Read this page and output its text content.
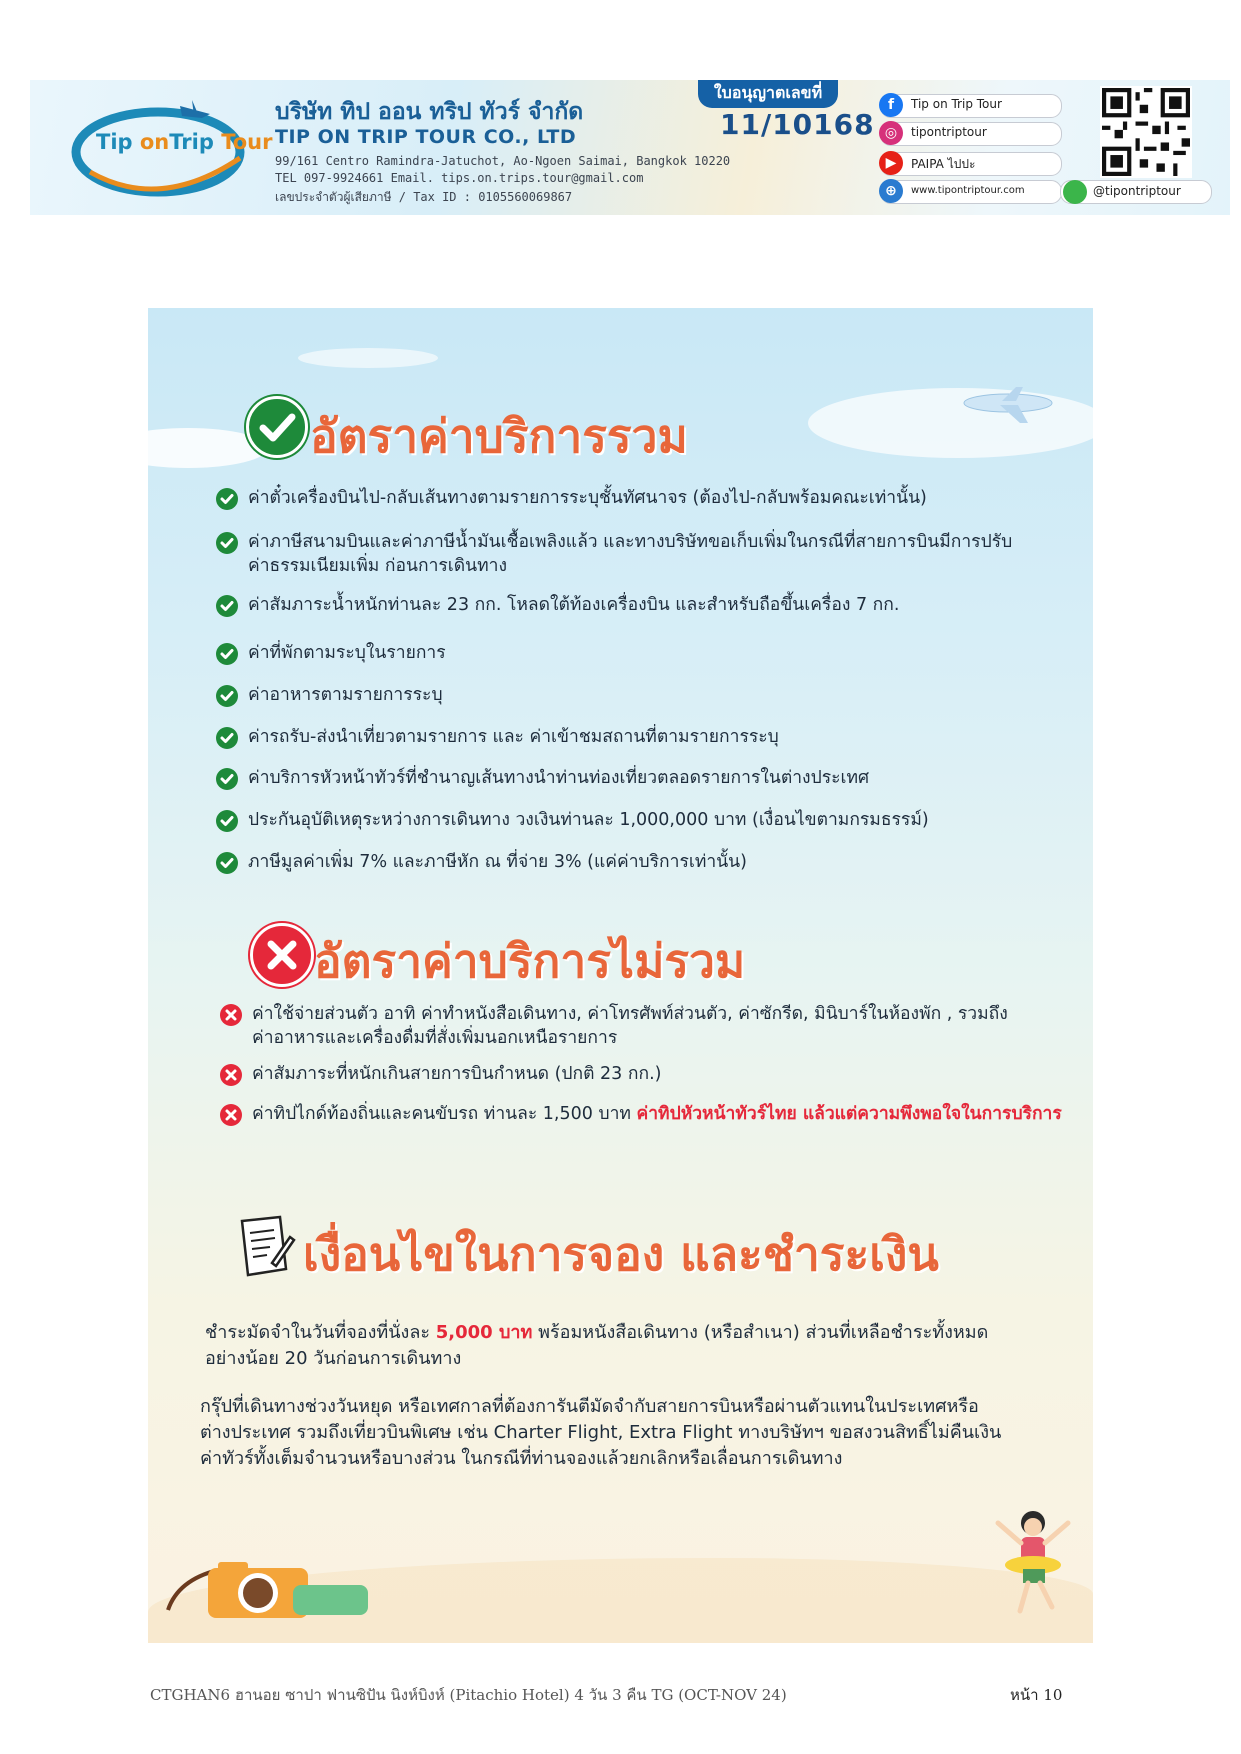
Tip onTrip Tour
บริษัท ทิป ออน ทริป ทัวร์ จำกัด
TIP ON TRIP TOUR CO., LTD
99/161 Centro Ramindra-Jatuchot, Ao-Ngoen Saimai, Bangkok 10220
TEL 097-9924661 Email. tips.on.trips.tour@gmail.com
เลขประจำตัวผู้เสียภาษี / Tax ID : 0105560069867
ใบอนุญาตเลขที่
11/10168
f	Tip on Trip Tour
◎	tipontriptour
▶	PAIPA ไปปะ
⊕	www.tipontriptour.com	@tipontriptour
อัตราค่าบริการรวม
ค่าตั๋วเครื่องบินไป-กลับเส้นทางตามรายการระบุชั้นทัศนาจร (ต้องไป-กลับพร้อมคณะเท่านั้น)
ค่าภาษีสนามบินและค่าภาษีน้ำมันเชื้อเพลิงแล้ว และทางบริษัทขอเก็บเพิ่มในกรณีที่สายการบินมีการปรับ
ค่าธรรมเนียมเพิ่ม ก่อนการเดินทาง
ค่าสัมภาระน้ำหนักท่านละ 23 กก. โหลดใต้ท้องเครื่องบิน และสำหรับถือขึ้นเครื่อง 7 กก.
ค่าที่พักตามระบุในรายการ
ค่าอาหารตามรายการระบุ
ค่ารถรับ-ส่งนำเที่ยวตามรายการ และ ค่าเข้าชมสถานที่ตามรายการระบุ
ค่าบริการหัวหน้าทัวร์ที่ชำนาญเส้นทางนำท่านท่องเที่ยวตลอดรายการในต่างประเทศ
ประกันอุบัติเหตุระหว่างการเดินทาง วงเงินท่านละ 1,000,000 บาท (เงื่อนไขตามกรมธรรม์)
ภาษีมูลค่าเพิ่ม 7% และภาษีหัก ณ ที่จ่าย 3% (แค่ค่าบริการเท่านั้น)
อัตราค่าบริการไม่รวม
ค่าใช้จ่ายส่วนตัว อาทิ ค่าทำหนังสือเดินทาง, ค่าโทรศัพท์ส่วนตัว, ค่าซักรีด, มินิบาร์ในห้องพัก , รวมถึง
ค่าอาหารและเครื่องดื่มที่สั่งเพิ่มนอกเหนือรายการ
ค่าสัมภาระที่หนักเกินสายการบินกำหนด (ปกติ 23 กก.)
ค่าทิปไกด์ท้องถิ่นและคนขับรถ ท่านละ 1,500 บาท ค่าทิปหัวหน้าทัวร์ไทย แล้วแต่ความพึงพอใจในการบริการ
เงื่อนไขในการจอง และชำระเงิน
ชำระมัดจำในวันที่จองที่นั่งละ 5,000 บาท พร้อมหนังสือเดินทาง (หรือสำเนา) ส่วนที่เหลือชำระทั้งหมด
อย่างน้อย 20 วันก่อนการเดินทาง
กรุ๊ปที่เดินทางช่วงวันหยุด หรือเทศกาลที่ต้องการันตีมัดจำกับสายการบินหรือผ่านตัวแทนในประเทศหรือ
ต่างประเทศ รวมถึงเที่ยวบินพิเศษ เช่น Charter Flight, Extra Flight ทางบริษัทฯ ขอสงวนสิทธิ์ไม่คืนเงิน
ค่าทัวร์ทั้งเต็มจำนวนหรือบางส่วน ในกรณีที่ท่านจองแล้วยกเลิกหรือเลื่อนการเดินทาง
CTGHAN6 ฮานอย ซาปา ฟานซิปัน นิงห์บิงห์ (Pitachio Hotel) 4 วัน 3 คืน TG (OCT-NOV 24)	หน้า 10
